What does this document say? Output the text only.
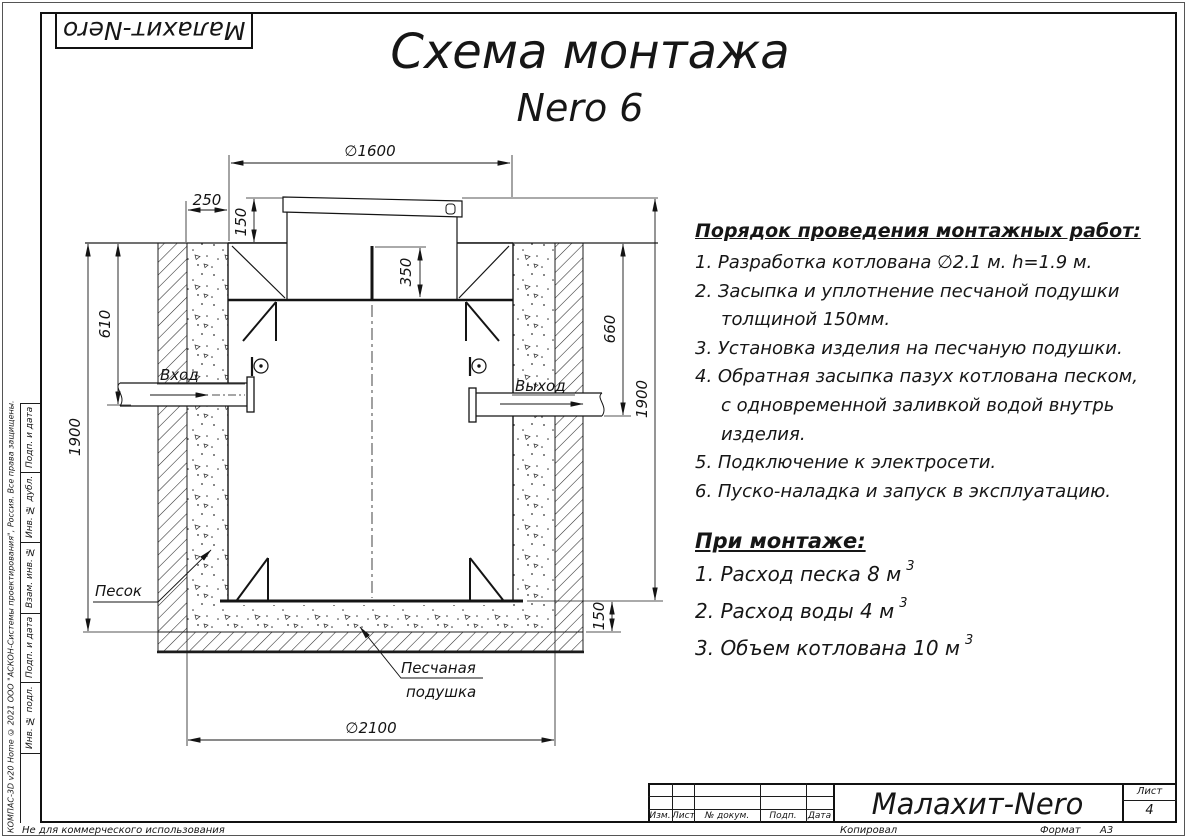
Малахит-Nero	Схема монтажа
Nero 6
Порядок проведения монтажных работ:
1. Разработка котлована ∅2.1 м. h=1.9 м.
2. Засыпка и уплотнение песчаной подушки
толщиной 150мм.
3. Установка изделия на песчаную подушки.
4. Обратная засыпка пазух котлована песком,
с одновременной заливкой водой внутрь
изделия.
5. Подключение к электросети.
6. Пуско-наладка и запуск в эксплуатацию.
При монтаже:
1. Расход песка 8 м $^3$
2. Расход воды 4 м $^3$
3. Объем котлована 10 м $^3$
Вход
Выход
∅1600
250
150
350
610
1900
660
1900
150
∅2100
Песок
Песчаная
подушка
Подп. и дата
Инв. № дубл.
Взам. инв. №
Подп. и дата
Инв. № подл.
КОМПАС-3D v20 Home © 2021 ООО "АСКОН-Системы проектирования", Россия. Все права защищены.	Изм. Лист	№ докум.	Подп.	Дата	Малахит-Nero	Лист
4
Не для коммерческого использования	Копировал	Формат А3
